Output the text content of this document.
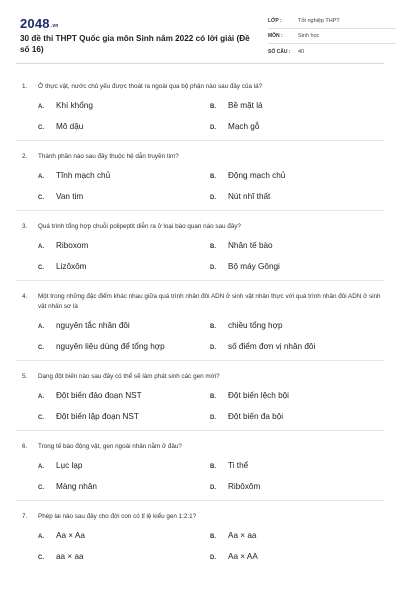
2048.vn
30 đề thi THPT Quốc gia môn Sinh năm 2022 có lời giải (Đề số 16)
LỚP :	Tốt nghiệp THPT
MÔN :	Sinh học
SỐ CÂU :	40
1.	Ở thực vật, nước chủ yếu được thoát ra ngoài qua bộ phận nào sau đây của lá?
A.	Khí khổng	B.	Bề mặt lá
C.	Mô dậu	D.	Mạch gỗ
2.	Thành phần nào sau đây thuộc hệ dẫn truyền tim?
A.	Tĩnh mạch chủ	B.	Động mạch chủ
C.	Van tim	D.	Nút nhĩ thất
3.	Quá trình tổng hợp chuỗi polipeptit diễn ra ở loại bào quan nào sau đây?
A.	Riboxom	B.	Nhân tế bào
C.	Lizôxôm	D.	Bộ máy Gôngi
4.	Một trong những đặc điểm khác nhau giữa quá trình nhân đôi ADN ở sinh vật nhân thực với quá trình nhân đôi ADN ở sinh vật nhân sơ là
A.	nguyên tắc nhân đôi	B.	chiều tổng hợp
C.	nguyên liệu dùng để tổng hợp	D.	số điểm đơn vị nhân đôi
5.	Dạng đột biến nào sau đây có thể sẽ làm phát sinh các gen mới?
A.	Đột biến đảo đoạn NST	B.	Đột biến lệch bội
C.	Đột biến lặp đoạn NST	D.	Đột biến đa bội
6.	Trong tế bào động vật, gen ngoài nhân nằm ở đâu?
A.	Lục lạp	B.	Ti thể
C.	Màng nhân	D.	Ribôxôm
7.	Phép lai nào sau đây cho đời con có tỉ lệ kiểu gen 1:2:1?
A.	Aa × Aa	B.	Aa × aa
C.	aa × aa	D.	Aa × AA
